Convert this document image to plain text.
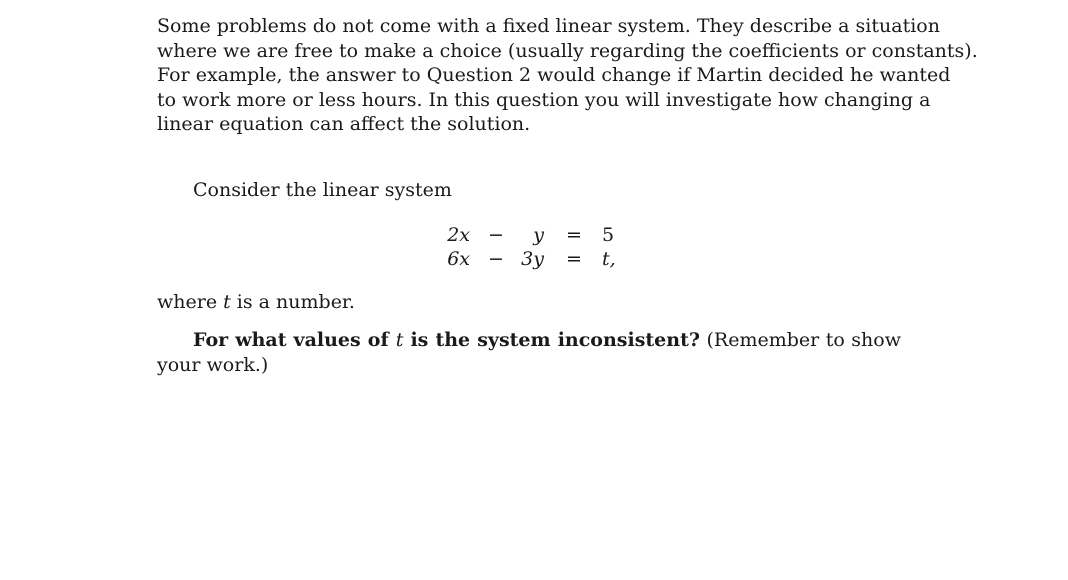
Some problems do not come with a fixed linear system. They describe a situation
where we are free to make a choice (usually regarding the coefficients or constants).
For example, the answer to Question 2 would change if Martin decided he wanted
to work more or less hours. In this question you will investigate how changing a
linear equation can affect the solution.
Consider the linear system
2x −	y = 5
6x − 3y = t,
where t is a number.
For what values of t is the system inconsistent? (Remember to show
your work.)
